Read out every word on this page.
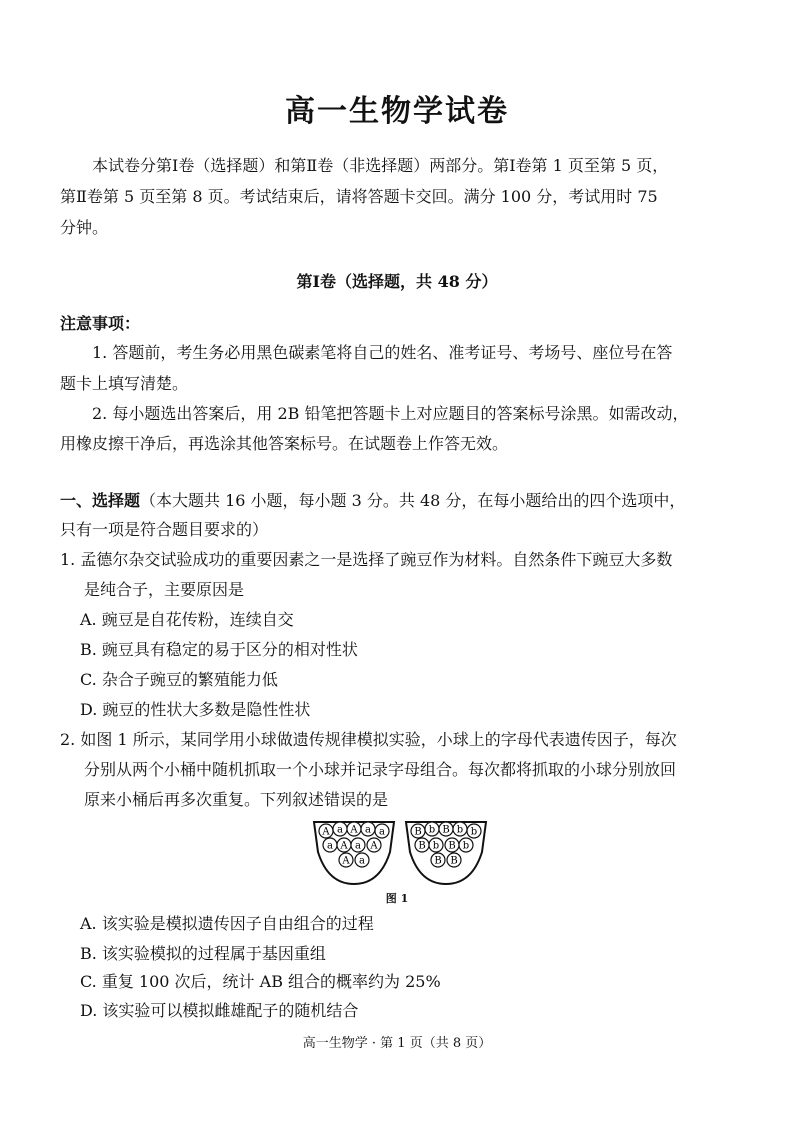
高一生物学试卷
本试卷分第Ⅰ卷（选择题）和第Ⅱ卷（非选择题）两部分。第Ⅰ卷第 1 页至第 5 页，
第Ⅱ卷第 5 页至第 8 页。考试结束后，请将答题卡交回。满分 100 分，考试用时 75
分钟。
第Ⅰ卷（选择题，共 48 分）
注意事项：
1. 答题前，考生务必用黑色碳素笔将自己的姓名、准考证号、考场号、座位号在答
题卡上填写清楚。
2. 每小题选出答案后，用 2B 铅笔把答题卡上对应题目的答案标号涂黑。如需改动，
用橡皮擦干净后，再选涂其他答案标号。在试题卷上作答无效。
一、选择题（本大题共 16 小题，每小题 3 分。共 48 分，在每小题给出的四个选项中，
只有一项是符合题目要求的）
1. 孟德尔杂交试验成功的重要因素之一是选择了豌豆作为材料。自然条件下豌豆大多数
是纯合子，主要原因是
A. 豌豆是自花传粉，连续自交
B. 豌豆具有稳定的易于区分的相对性状
C. 杂合子豌豆的繁殖能力低
D. 豌豆的性状大多数是隐性性状
2. 如图 1 所示，某同学用小球做遗传规律模拟实验，小球上的字母代表遗传因子，每次
分别从两个小桶中随机抓取一个小球并记录字母组合。每次都将抓取的小球分别放回
原来小桶后再多次重复。下列叙述错误的是
A a A a a
a A a A
A a
B b B b b
B b B b
B B
图 1
A. 该实验是模拟遗传因子自由组合的过程
B. 该实验模拟的过程属于基因重组
C. 重复 100 次后，统计 AB 组合的概率约为 25%
D. 该实验可以模拟雌雄配子的随机结合
高一生物学 · 第 1 页（共 8 页）
